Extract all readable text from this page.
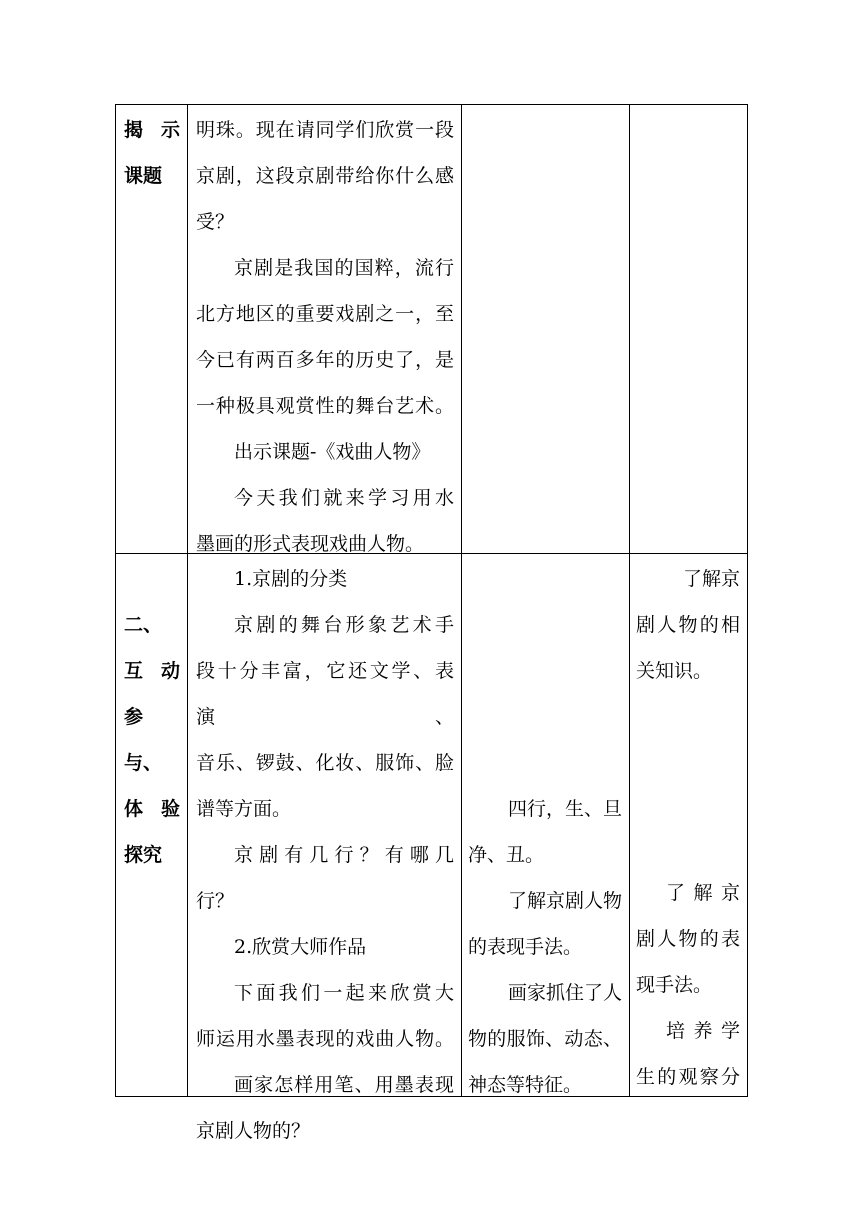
揭 示

课题

明珠。现在请同学们欣赏一段

京剧，这段京剧带给你什么感

受？

京剧是我国的国粹，流行

北方地区的重要戏剧之一，至

今已有两百多年的历史了，是

一种极具观赏性的舞台艺术。

出示课题-《戏曲人物》

今天我们就来学习用水

墨画的形式表现戏曲人物。

二、

互 动

参与、

体 验

探究

1.京剧的分类

京剧的舞台形象艺术手

段十分丰富，它还文学、表演、

音乐、锣鼓、化妆、服饰、脸

谱等方面。

京剧有几行？有哪几

行？

2.欣赏大师作品

下面我们一起来欣赏大

师运用水墨表现的戏曲人物。

画家怎样用笔、用墨表现

京剧人物的？

四行，生、旦

净、丑。

了解京剧人物

的表现手法。

画家抓住了人

物的服饰、动态、

神态等特征。

了解京

剧人物的相

关知识。

了解京

剧人物的表

现手法。

培养学

生的观察分
